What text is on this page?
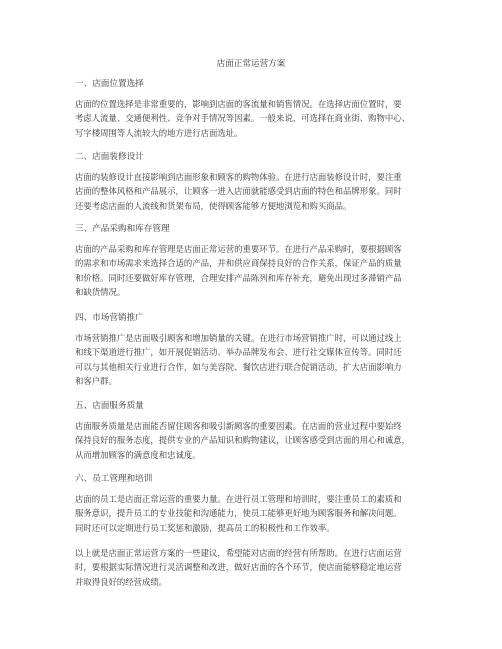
店面正常运营方案
一、店面位置选择
店面的位置选择是非常重要的，影响到店面的客流量和销售情况。在选择店面位置时，要
考虑人流量、交通便利性、竞争对手情况等因素。一般来说，可选择在商业街、购物中心、
写字楼周围等人流较大的地方进行店面选址。
二、店面装修设计
店面的装修设计直接影响到店面形象和顾客的购物体验。在进行店面装修设计时，要注重
店面的整体风格和产品展示，让顾客一进入店面就能感受到店面的特色和品牌形象。同时
还要考虑店面的人流线和货架布局，使得顾客能够方便地浏览和购买商品。
三、产品采购和库存管理
店面的产品采购和库存管理是店面正常运营的重要环节。在进行产品采购时，要根据顾客
的需求和市场需求来选择合适的产品，并和供应商保持良好的合作关系，保证产品的质量
和价格。同时还要做好库存管理，合理安排产品陈列和库存补充，避免出现过多滞销产品
和缺货情况。
四、市场营销推广
市场营销推广是店面吸引顾客和增加销量的关键。在进行市场营销推广时，可以通过线上
和线下渠道进行推广，如开展促销活动、举办品牌发布会、进行社交媒体宣传等。同时还
可以与其他相关行业进行合作，如与美容院、餐饮店进行联合促销活动，扩大店面影响力
和客户群。
五、店面服务质量
店面服务质量是店面能否留住顾客和吸引新顾客的重要因素。在店面的营业过程中要始终
保持良好的服务态度，提供专业的产品知识和购物建议，让顾客感受到店面的用心和诚意，
从而增加顾客的满意度和忠诚度。
六、员工管理和培训
店面的员工是店面正常运营的重要力量。在进行员工管理和培训时，要注重员工的素质和
服务意识，提升员工的专业技能和沟通能力，使员工能够更好地为顾客服务和解决问题。
同时还可以定期进行员工奖惩和激励，提高员工的积极性和工作效率。
以上就是店面正常运营方案的一些建议，希望能对店面的经营有所帮助。在进行店面运营
时，要根据实际情况进行灵活调整和改进，做好店面的各个环节，使店面能够稳定地运营
并取得良好的经营成绩。
